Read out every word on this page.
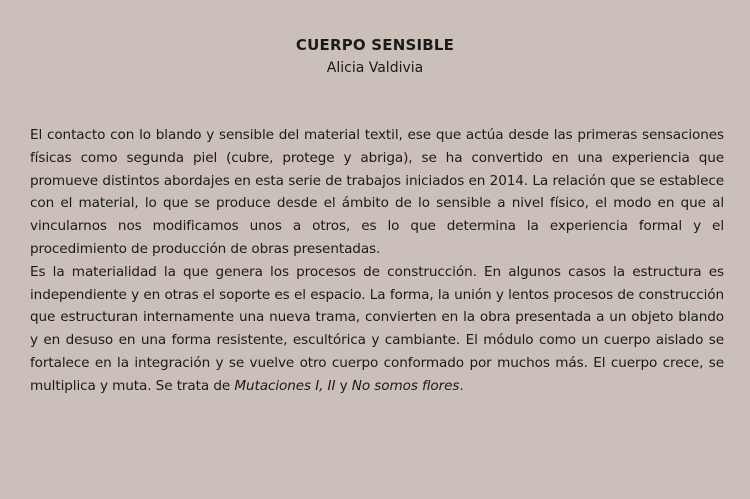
CUERPO SENSIBLE
Alicia Valdivia

El contacto con lo blando y sensible del material textil, ese que actúa desde las primeras sensaciones físicas como segunda piel (cubre, protege y abriga), se ha convertido en una experiencia que promueve distintos abordajes en esta serie de trabajos iniciados en 2014. La relación que se establece con el material, lo que se produce desde el ámbito de lo sensible a nivel físico, el modo en que al vincularnos nos modificamos unos a otros, es lo que determina la experiencia formal y el procedimiento de producción de obras presentadas.

Es la materialidad la que genera los procesos de construcción. En algunos casos la estructura es independiente y en otras el soporte es el espacio. La forma, la unión y lentos procesos de construcción que estructuran internamente una nueva trama, convierten en la obra presentada a un objeto blando y en desuso en una forma resistente, escultórica y cambiante. El módulo como un cuerpo aislado se fortalece en la integración y se vuelve otro cuerpo conformado por muchos más. El cuerpo crece, se multiplica y muta. Se trata de Mutaciones I, II y No somos flores.
